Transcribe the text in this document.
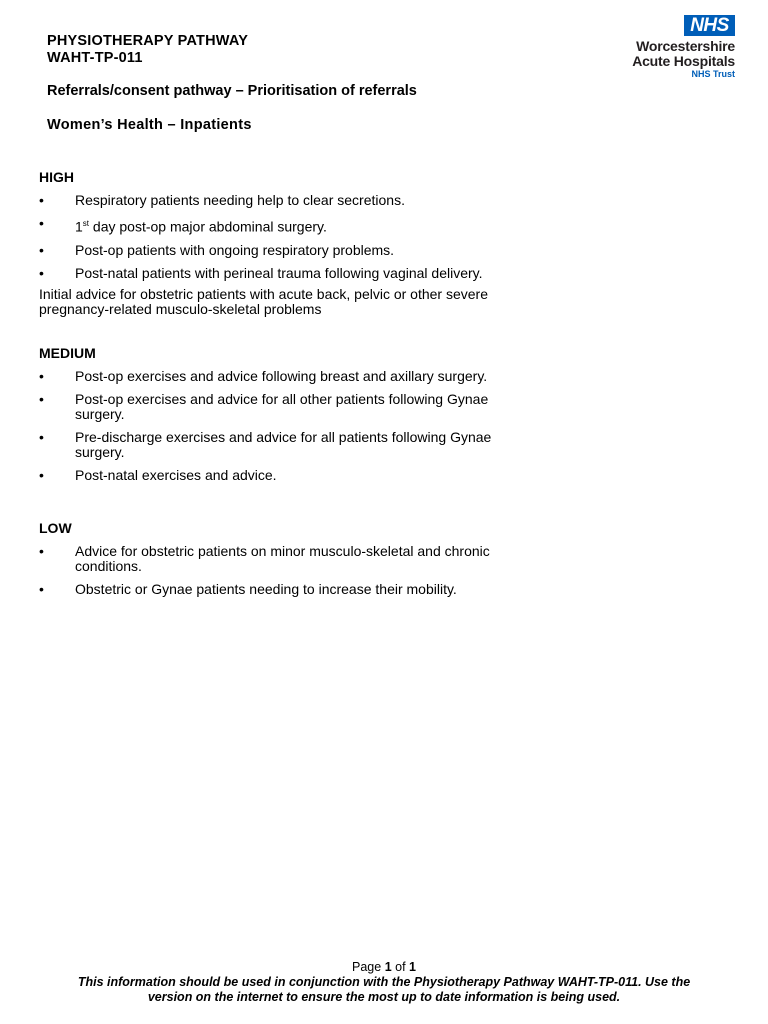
PHYSIOTHERAPY PATHWAY
WAHT-TP-011
Referrals/consent pathway – Prioritisation of referrals
Women’s Health – Inpatients
NHS
Worcestershire
Acute Hospitals
NHS Trust
HIGH
• Respiratory patients needing help to clear secretions.
• 1st day post-op major abdominal surgery.
• Post-op patients with ongoing respiratory problems.
• Post-natal patients with perineal trauma following vaginal delivery.
Initial advice for obstetric patients with acute back, pelvic or other severe pregnancy-related musculo-skeletal problems
MEDIUM
• Post-op exercises and advice following breast and axillary surgery.
• Post-op exercises and advice for all other patients following Gynae surgery.
• Pre-discharge exercises and advice for all patients following Gynae surgery.
• Post-natal exercises and advice.
LOW
• Advice for obstetric patients on minor musculo-skeletal and chronic conditions.
• Obstetric or Gynae patients needing to increase their mobility.
Page 1 of 1
This information should be used in conjunction with the Physiotherapy Pathway WAHT-TP-011. Use the version on the internet to ensure the most up to date information is being used.
